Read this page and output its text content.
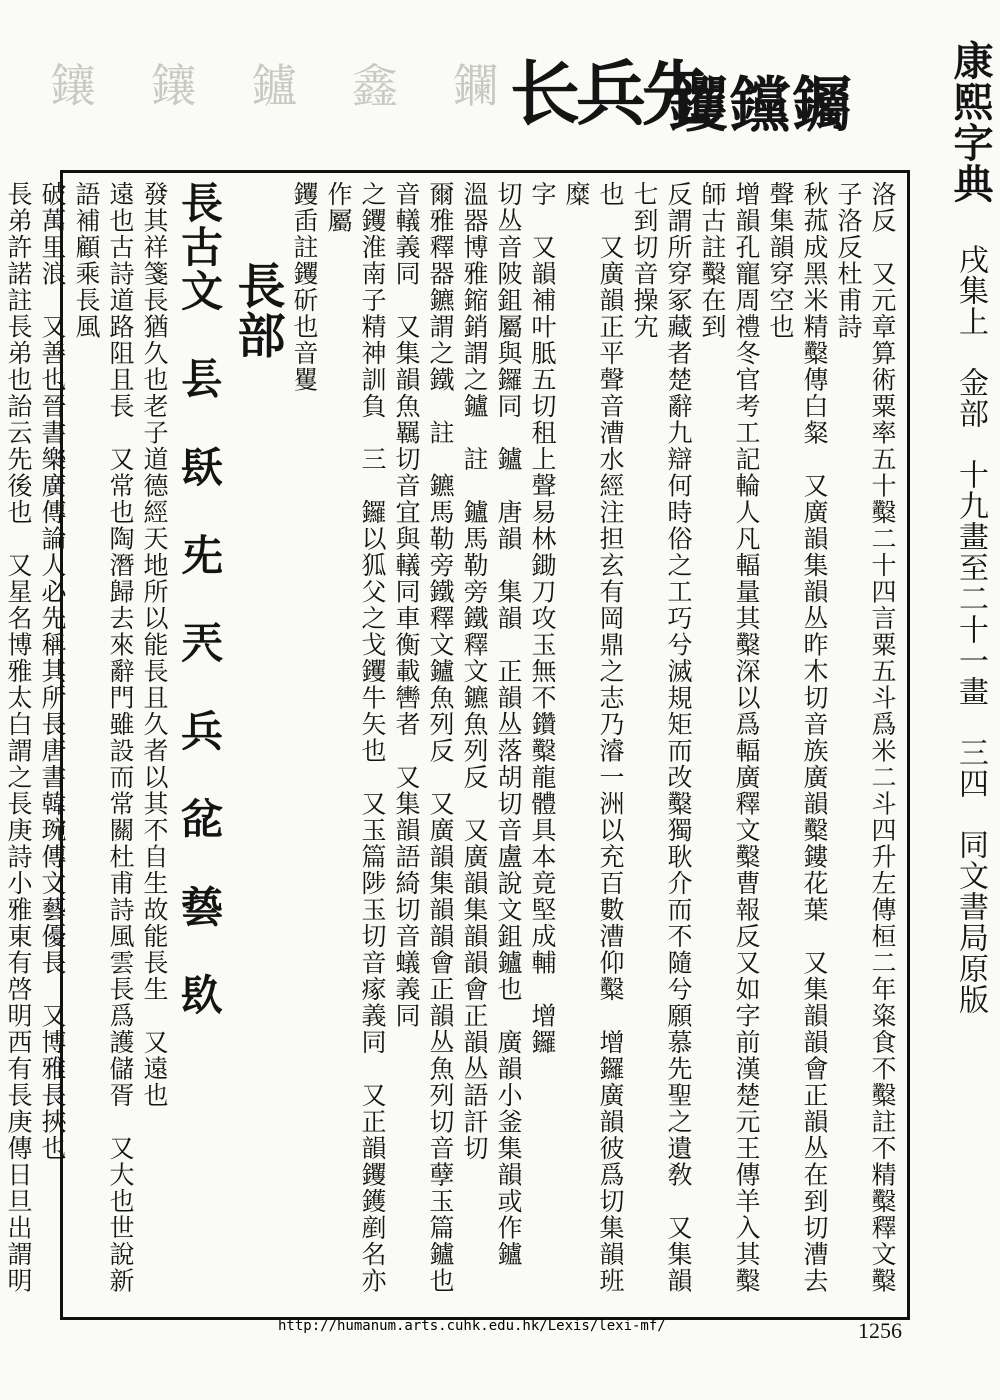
鑲 鑲 鑪 鑫 鑭
长兵先
钁钂钃	康熙字典戌集上金部十九畫至二十一畫三四同文書局原版
洛反　又元章算術粟率五十糳二十四言粟五斗爲米二斗四升左傳桓二年粢食不糳註不精糳釋文糳子洛反杜甫詩
秋菰成黑米精糳傳白粲　又廣韻集韻丛昨木切音族廣韻糳鏤花葉　又集韻韻會正韻丛在到切漕去聲集韻穿空也
增韻孔寵周禮冬官考工記輪人凡輻量其糳深以爲輻廣釋文糳曹報反又如字前漢楚元王傳羊入其糳師古註糳在到
反謂所穿冢藏者楚辭九辯何時俗之工巧兮滅規矩而改糳獨耿介而不隨兮願慕先聖之遺敎　又集韻七到切音操宄
也　又廣韻正平聲音漕水經注担玄有岡鼎之志乃濬一洲以充百數漕仰糳　增鑼廣韻彼爲切集韻班糜
字　又韻補叶胝五切租上聲易林鋤刀攻玉無不鑽糳龍體具本竟堅成輔　增鑼
切丛音陂鉏屬與鑼同　鑪　唐韻　集韻　正韻丛落胡切音盧說文鉏鑪也　廣韻小釜集韻或作鑪
溫器博雅鏥銷謂之鑪　註　鑪馬勒旁鐵釋文鑣魚列反　又廣韻集韻韻會正韻丛語訐切
爾雅釋器鑣謂之鐵　註　鑣馬勒旁鐵釋文鑪魚列反　又廣韻集韻韻會正韻丛魚列切音孽玉篇鑪也
音轙義同　又集韻魚羈切音宜與轙同車衡載轡者　又集韻語綺切音蟻義同
之钁淮南子精神訓負　三　鑼以狐父之戈钁牛矢也　又玉篇陟玉切音瘃義同　又正韻钁鑊剷名亦作屬
钁臿註钁斫也音矍　　　
長部
長古文　镸　镺　兂　兲　兵　兺　兿　镹
發其祥箋長猶久也老子道德經天地所以能長且久者以其不自生故能長生　又遠也
遠也古詩道路阻且長　又常也陶潛歸去來辭門雖設而常關杜甫詩風雲長爲護儲胥　又大也世說新語補顧乘長風
破萬里浪　又善也晉書樂廣傳論人必先稱其所長唐書韓琬傳文藝優長　又博雅長挾也
長弟許諾註長弟也詒云先後也　又星名博雅太白謂之長庚詩小雅東有啓明西有長庚傳日旦出謂明

http://humanum.arts.cuhk.edu.hk/Lexis/lexi-mf/	1256
